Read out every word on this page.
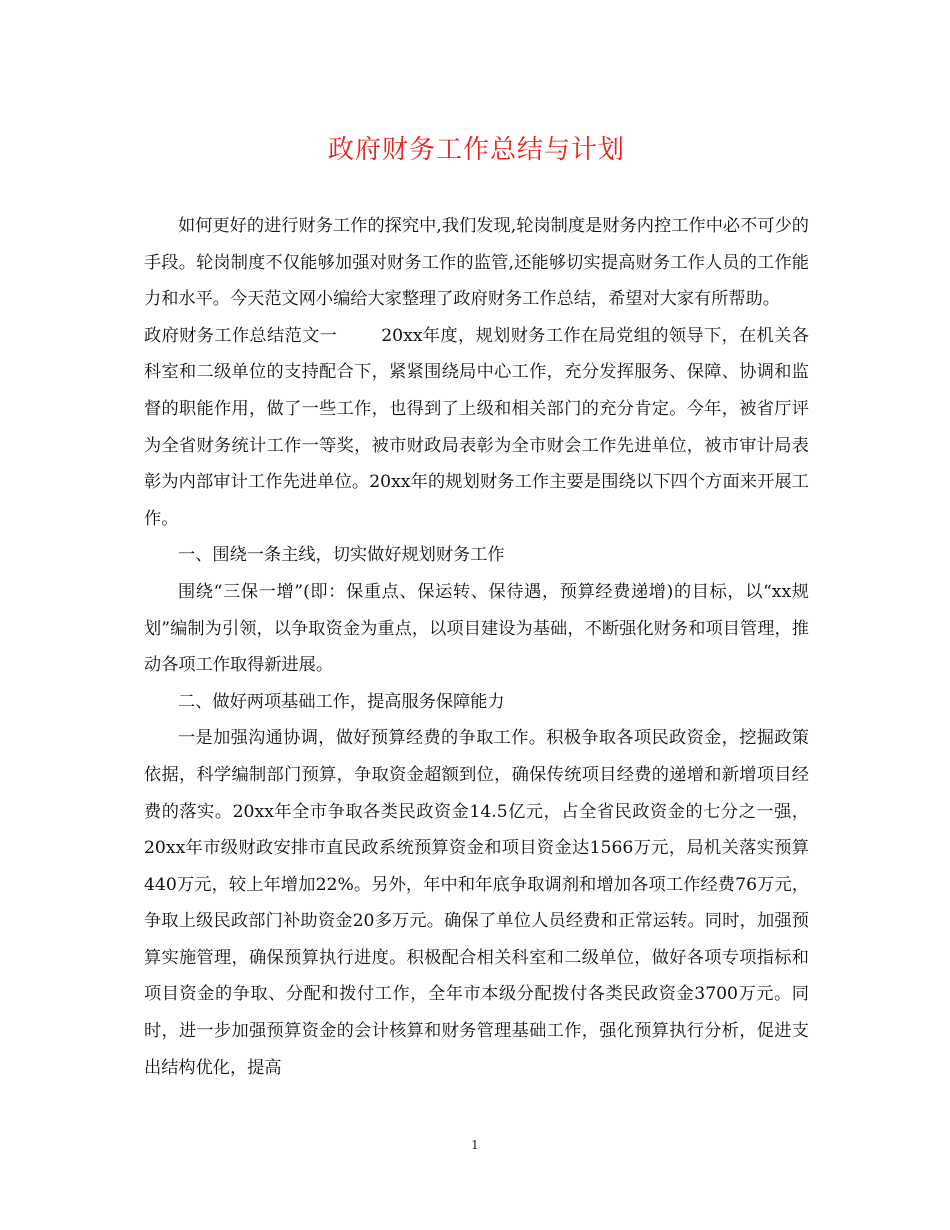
政府财务工作总结与计划

如何更好的进行财务工作的探究中,我们发现,轮岗制度是财务内控工作中必不可少的手段。轮岗制度不仅能够加强对财务工作的监管,还能够切实提高财务工作人员的工作能力和水平。今天范文网小编给大家整理了政府财务工作总结，希望对大家有所帮助。

政府财务工作总结范文一	20xx年度，规划财务工作在局党组的领导下，在机关各科室和二级单位的支持配合下，紧紧围绕局中心工作，充分发挥服务、保障、协调和监督的职能作用，做了一些工作，也得到了上级和相关部门的充分肯定。今年，被省厅评为全省财务统计工作一等奖，被市财政局表彰为全市财会工作先进单位，被市审计局表彰为内部审计工作先进单位。20xx年的规划财务工作主要是围绕以下四个方面来开展工作。

一、围绕一条主线，切实做好规划财务工作

围绕“三保一增”(即：保重点、保运转、保待遇，预算经费递增)的目标，以“xx规划”编制为引领，以争取资金为重点，以项目建设为基础，不断强化财务和项目管理，推动各项工作取得新进展。

二、做好两项基础工作，提高服务保障能力

一是加强沟通协调，做好预算经费的争取工作。积极争取各项民政资金，挖掘政策依据，科学编制部门预算，争取资金超额到位，确保传统项目经费的递增和新增项目经费的落实。20xx年全市争取各类民政资金14.5亿元，占全省民政资金的七分之一强，20xx年市级财政安排市直民政系统预算资金和项目资金达1566万元，局机关落实预算440万元，较上年增加22%。另外，年中和年底争取调剂和增加各项工作经费76万元，争取上级民政部门补助资金20多万元。确保了单位人员经费和正常运转。同时，加强预算实施管理，确保预算执行进度。积极配合相关科室和二级单位，做好各项专项指标和项目资金的争取、分配和拨付工作，全年市本级分配拨付各类民政资金3700万元。同时，进一步加强预算资金的会计核算和财务管理基础工作，强化预算执行分析，促进支出结构优化，提高

1
